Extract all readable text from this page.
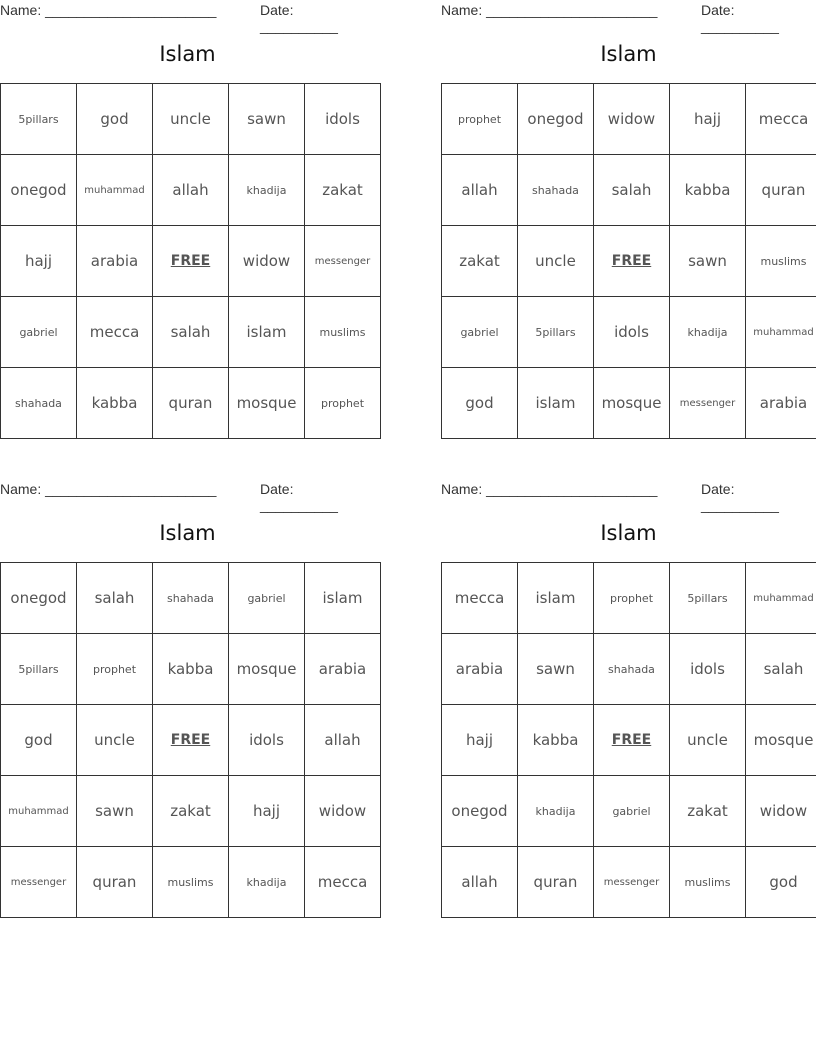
Name: ______________________	Date: __________
Islam
5pillars	god	uncle	sawn	idols
onegod	muhammad	allah	khadija	zakat
hajj	arabia	FREE	widow	messenger
gabriel	mecca	salah	islam	muslims
shahada	kabba	quran	mosque	prophet
Name: ______________________	Date: __________
Islam
prophet	onegod	widow	hajj	mecca
allah	shahada	salah	kabba	quran
zakat	uncle	FREE	sawn	muslims
gabriel	5pillars	idols	khadija	muhammad
god	islam	mosque	messenger	arabia
Name: ______________________	Date: __________
Islam
onegod	salah	shahada	gabriel	islam
5pillars	prophet	kabba	mosque	arabia
god	uncle	FREE	idols	allah
muhammad	sawn	zakat	hajj	widow
messenger	quran	muslims	khadija	mecca
Name: ______________________	Date: __________
Islam
mecca	islam	prophet	5pillars	muhammad
arabia	sawn	shahada	idols	salah
hajj	kabba	FREE	uncle	mosque
onegod	khadija	gabriel	zakat	widow
allah	quran	messenger	muslims	god
